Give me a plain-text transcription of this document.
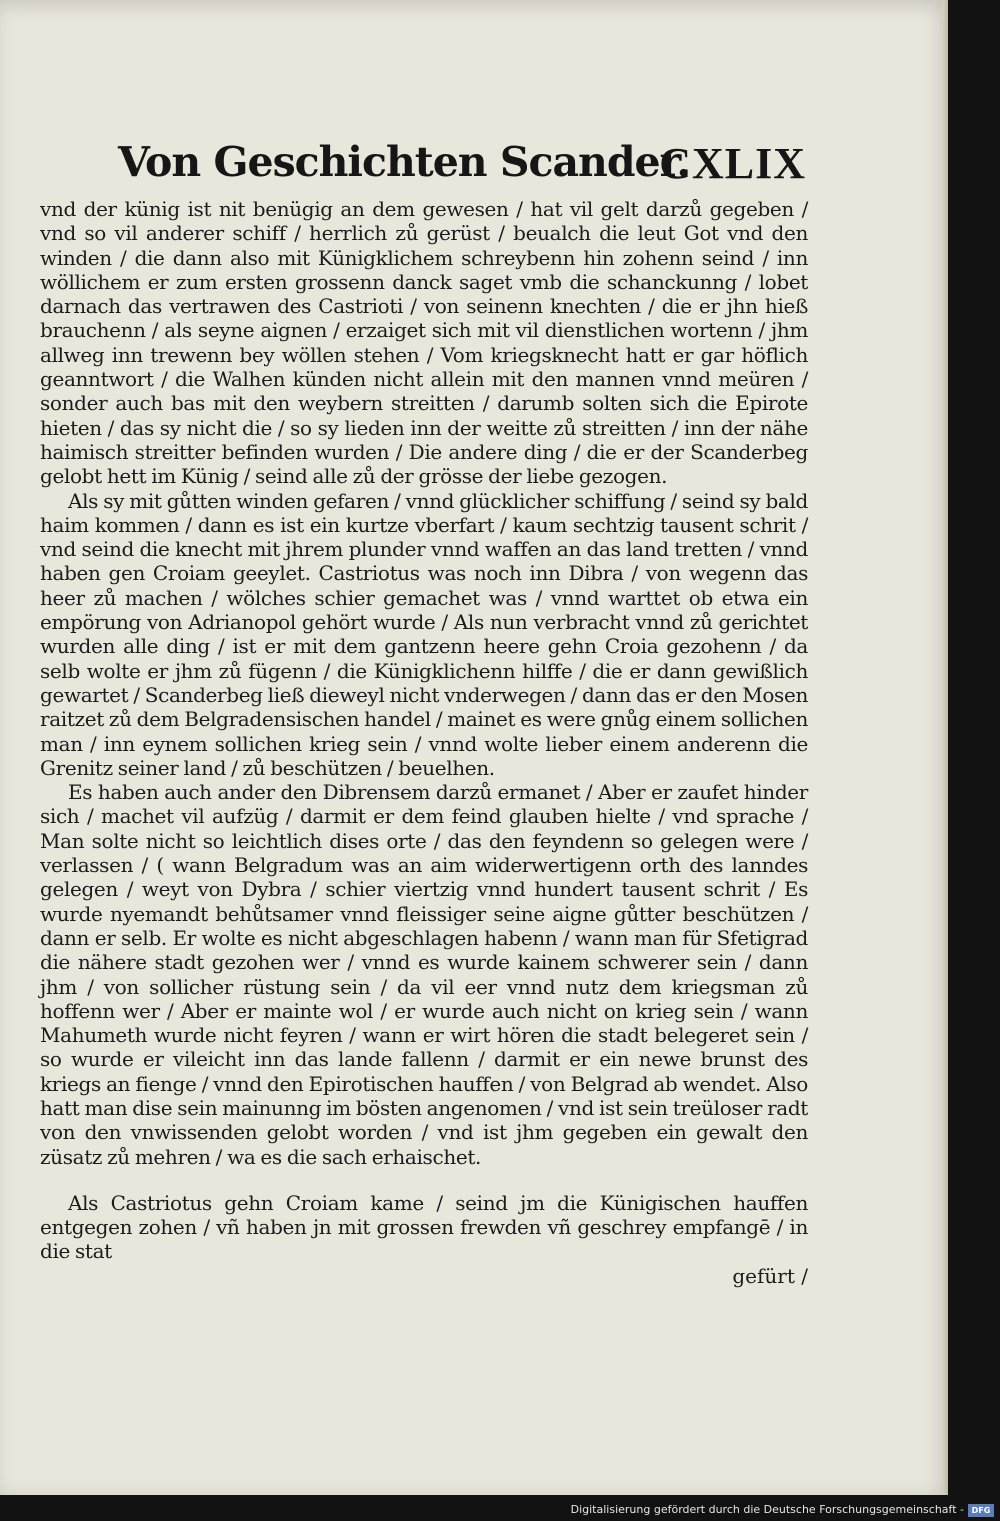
Von Geschichten Scander.
CXLIX

vnd der künig ist nit benügig an dem gewesen / hat vil gelt darzů gegeben / vnd so vil anderer schiff / herrlich zů gerüst / beualch die leut Got vnd den winden / die dann also mit Künigklichem schreybenn hin zohenn seind / inn wöllichem er zum ersten grossenn danck saget vmb die schanckunng / lobet darnach das vertrawen des Castrioti / von seinenn knechten / die er jhn hieß brauchenn / als seyne aignen / erzaiget sich mit vil dienstlichen wortenn / jhm allweg inn trewenn bey wöllen stehen / Vom kriegsknecht hatt er gar höflich geanntwort / die Walhen künden nicht allein mit den mannen vnnd meüren / sonder auch bas mit den weybern streitten / darumb solten sich die Epirote hieten / das sy nicht die / so sy lieden inn der weitte zů streitten / inn der nähe haimisch streitter befinden wurden / Die andere ding / die er der Scanderbeg gelobt hett im Künig / seind alle zů der grösse der liebe gezogen.

Als sy mit gůtten winden gefaren / vnnd glücklicher schiffung / seind sy bald haim kommen / dann es ist ein kurtze vberfart / kaum sechtzig tausent schrit / vnd seind die knecht mit jhrem plunder vnnd waffen an das land tretten / vnnd haben gen Croiam geeylet. Castriotus was noch inn Dibra / von wegenn das heer zů machen / wölches schier gemachet was / vnnd warttet ob etwa ein empörung von Adrianopol gehört wurde / Als nun verbracht vnnd zů gerichtet wurden alle ding / ist er mit dem gantzenn heere gehn Croia gezohenn / da selb wolte er jhm zů fügenn / die Künigklichenn hilffe / die er dann gewißlich gewartet / Scanderbeg ließ dieweyl nicht vnderwegen / dann das er den Mosen raitzet zů dem Belgradensischen handel / mainet es were gnůg einem sollichen man / inn eynem sollichen krieg sein / vnnd wolte lieber einem anderenn die Grenitz seiner land / zů beschützen / beuelhen.

Es haben auch ander den Dibrensem darzů ermanet / Aber er zaufet hinder sich / machet vil aufzüg / darmit er dem feind glauben hielte / vnd sprache / Man solte nicht so leichtlich dises orte / das den feyndenn so gelegen were / verlassen / ( wann Belgradum was an aim widerwertigenn orth des lanndes gelegen / weyt von Dybra / schier viertzig vnnd hundert tausent schrit / Es wurde nyemandt behůtsamer vnnd fleissiger seine aigne gůtter beschützen / dann er selb. Er wolte es nicht abgeschlagen habenn / wann man für Sfetigrad die nähere stadt gezohen wer / vnnd es wurde kainem schwerer sein / dann jhm / von sollicher rüstung sein / da vil eer vnnd nutz dem kriegsman zů hoffenn wer / Aber er mainte wol / er wurde auch nicht on krieg sein / wann Mahumeth wurde nicht feyren / wann er wirt hören die stadt belegeret sein / so wurde er vileicht inn das lande fallenn / darmit er ein newe brunst des kriegs an fienge / vnnd den Epirotischen hauffen / von Belgrad ab wendet. Also hatt man dise sein mainunng im bösten angenomen / vnd ist sein treülоser radt von den vnwissenden gelobt worden / vnd ist jhm gegeben ein gewalt den züsatz zů mehren / wa es die sach erhaischet.

Als Castriotus gehn Croiam kame / seind jm die Künigischen hauffen entgegen zohen / vñ haben jn mit grossen frewden vñ geschrey empfangē / in die stat

gefürt /
Digitalisierung gefördert durch die Deutsche Forschungsgemeinschaft - DFG
